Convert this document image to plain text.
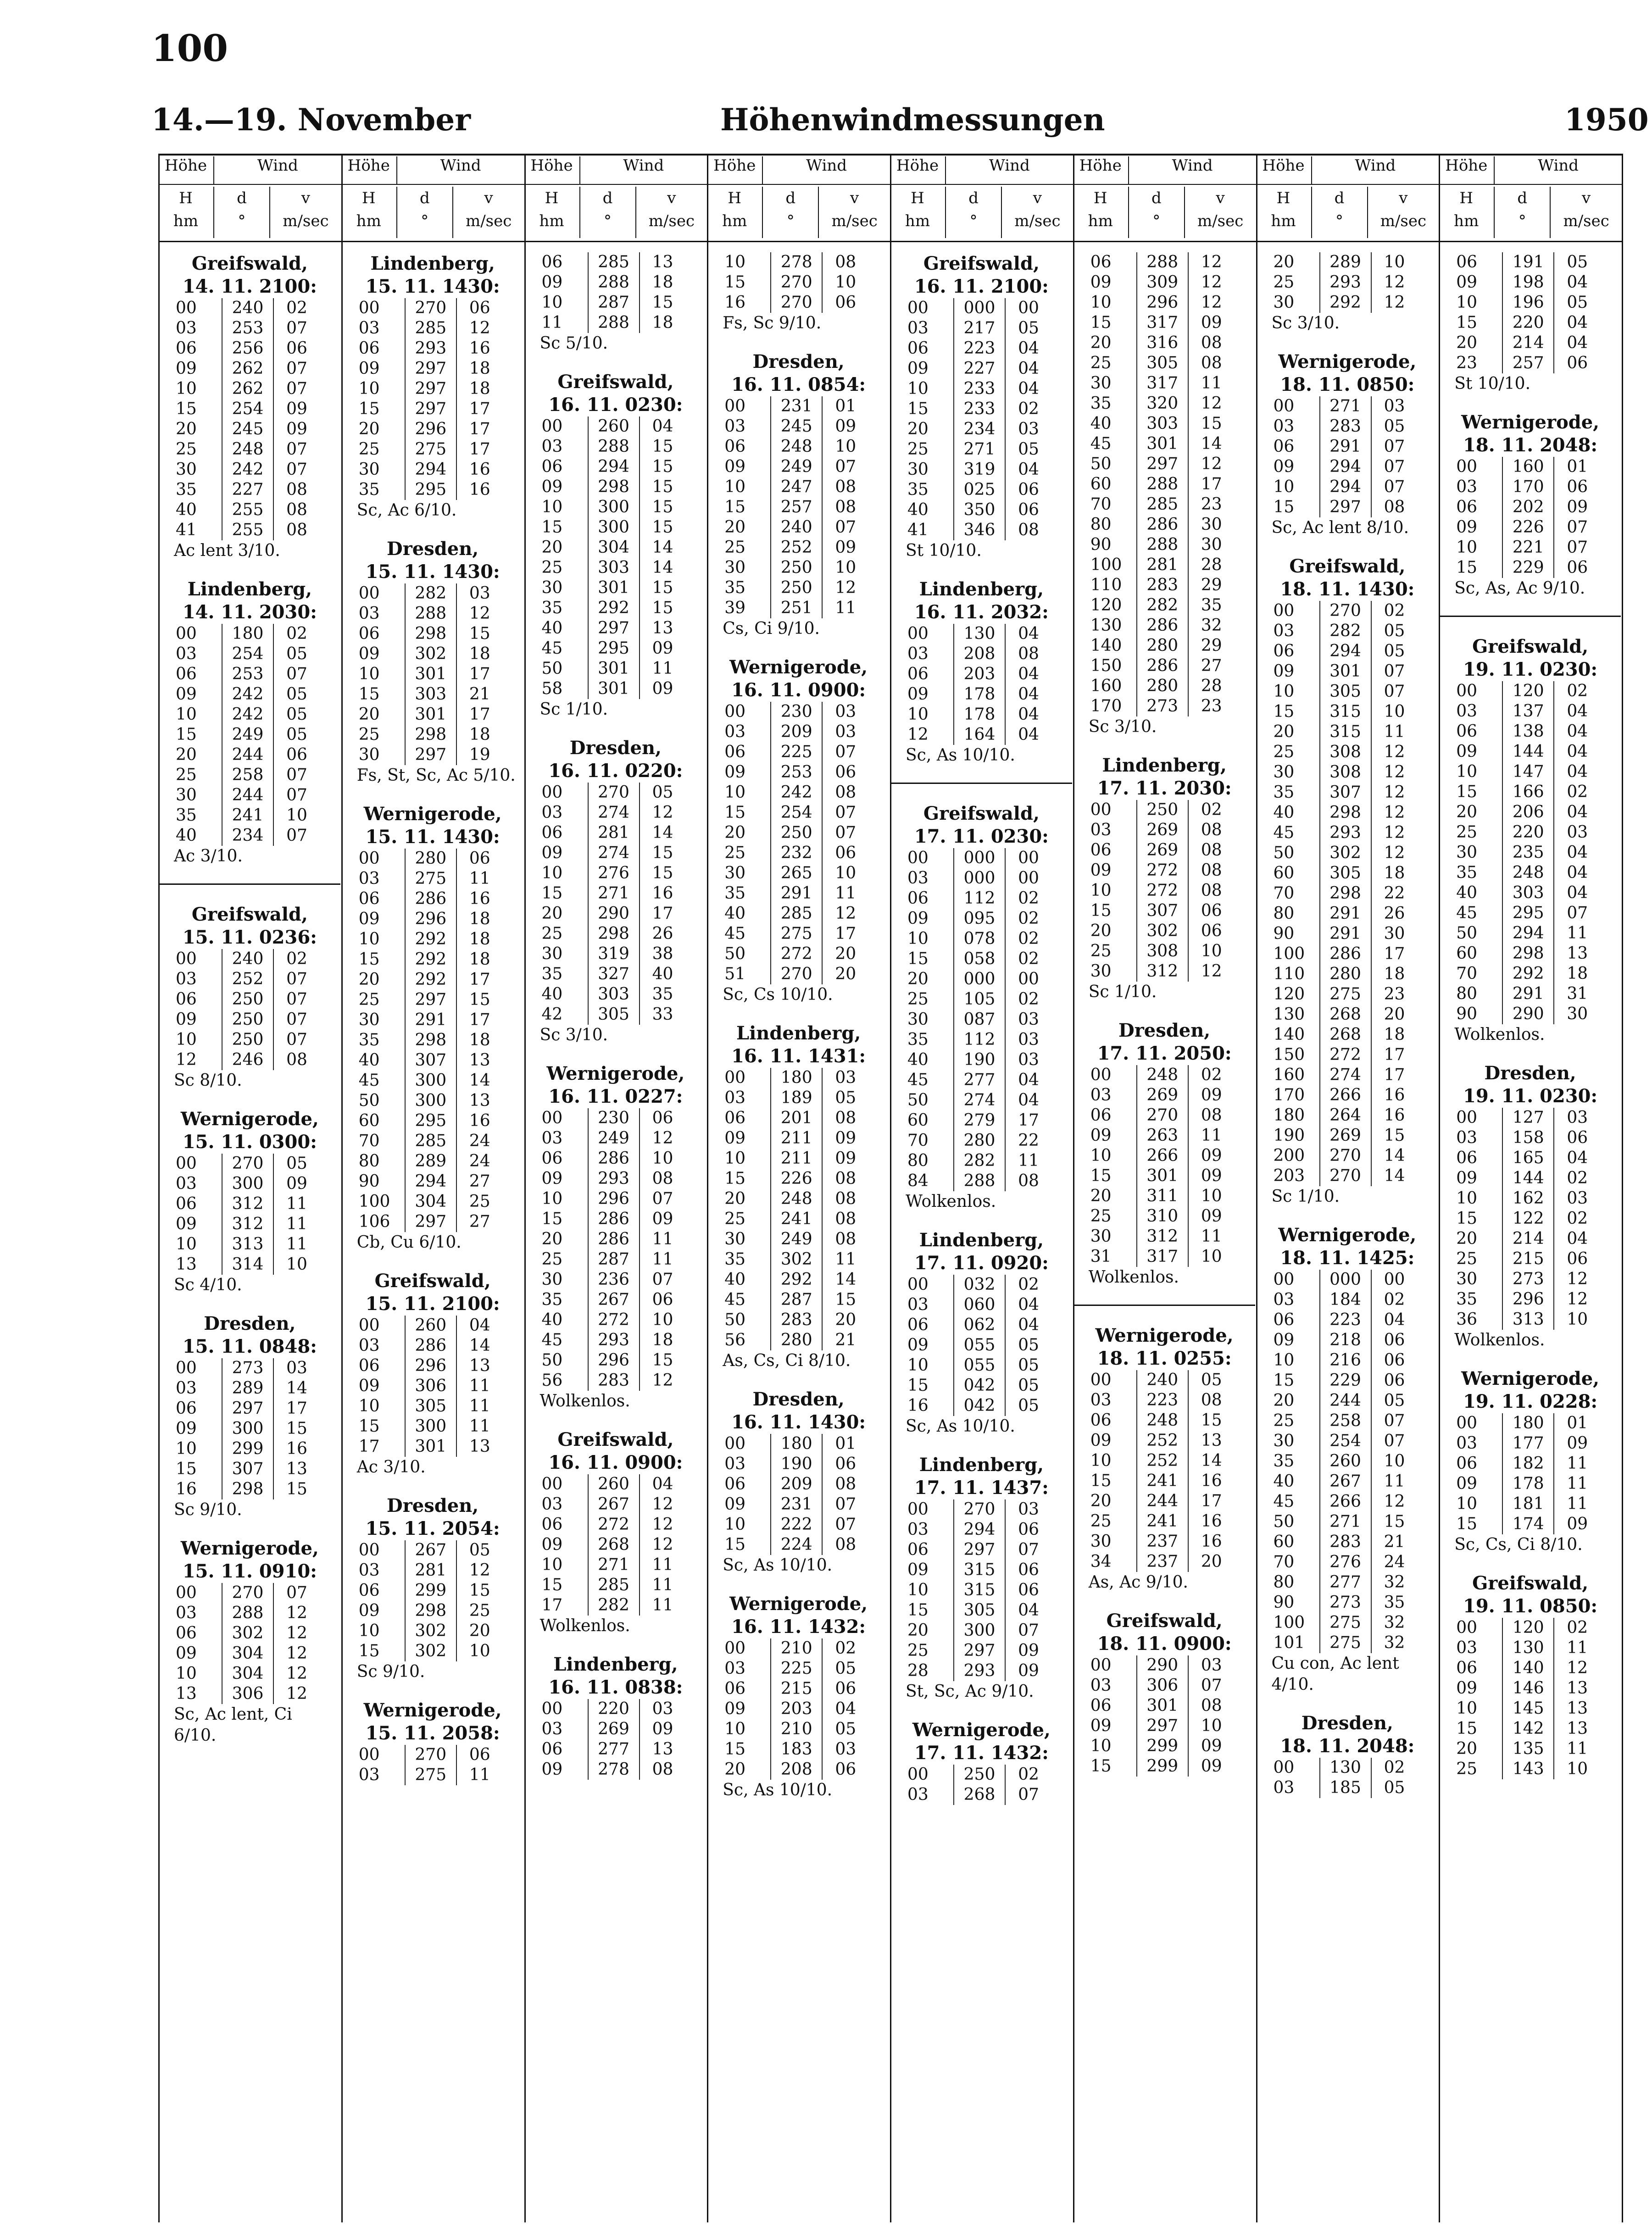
100
14.—19. November	Höhenwindmessungen	1950
Höhe	Wind
H
hm
d
°
v
m/sec
Greifswald,
14. 11. 2100:
00	240	02
03	253	07
06	256	06
09	262	07
10	262	07
15	254	09
20	245	09
25	248	07
30	242	07
35	227	08
40	255	08
41	255	08
Ac lent 3/10.
Lindenberg,
14. 11. 2030:
00	180	02
03	254	05
06	253	07
09	242	05
10	242	05
15	249	05
20	244	06
25	258	07
30	244	07
35	241	10
40	234	07
Ac 3/10.
Greifswald,
15. 11. 0236:
00	240	02
03	252	07
06	250	07
09	250	07
10	250	07
12	246	08
Sc 8/10.
Wernigerode,
15. 11. 0300:
00	270	05
03	300	09
06	312	11
09	312	11
10	313	11
13	314	10
Sc 4/10.
Dresden,
15. 11. 0848:
00	273	03
03	289	14
06	297	17
09	300	15
10	299	16
15	307	13
16	298	15
Sc 9/10.
Wernigerode,
15. 11. 0910:
00	270	07
03	288	12
06	302	12
09	304	12
10	304	12
13	306	12
Sc, Ac lent, Ci 6/10.
Höhe	Wind
H
hm
d
°
v
m/sec
Lindenberg,
15. 11. 1430:
00	270	06
03	285	12
06	293	16
09	297	18
10	297	18
15	297	17
20	296	17
25	275	17
30	294	16
35	295	16
Sc, Ac 6/10.
Dresden,
15. 11. 1430:
00	282	03
03	288	12
06	298	15
09	302	18
10	301	17
15	303	21
20	301	17
25	298	18
30	297	19
Fs, St, Sc, Ac 5/10.
Wernigerode,
15. 11. 1430:
00	280	06
03	275	11
06	286	16
09	296	18
10	292	18
15	292	18
20	292	17
25	297	15
30	291	17
35	298	18
40	307	13
45	300	14
50	300	13
60	295	16
70	285	24
80	289	24
90	294	27
100	304	25
106	297	27
Cb, Cu 6/10.
Greifswald,
15. 11. 2100:
00	260	04
03	286	14
06	296	13
09	306	11
10	305	11
15	300	11
17	301	13
Ac 3/10.
Dresden,
15. 11. 2054:
00	267	05
03	281	12
06	299	15
09	298	25
10	302	20
15	302	10
Sc 9/10.
Wernigerode,
15. 11. 2058:
00	270	06
03	275	11
Höhe	Wind
H
hm
d
°
v
m/sec
06	285	13
09	288	18
10	287	15
11	288	18
Sc 5/10.
Greifswald,
16. 11. 0230:
00	260	04
03	288	15
06	294	15
09	298	15
10	300	15
15	300	15
20	304	14
25	303	14
30	301	15
35	292	15
40	297	13
45	295	09
50	301	11
58	301	09
Sc 1/10.
Dresden,
16. 11. 0220:
00	270	05
03	274	12
06	281	14
09	274	15
10	276	15
15	271	16
20	290	17
25	298	26
30	319	38
35	327	40
40	303	35
42	305	33
Sc 3/10.
Wernigerode,
16. 11. 0227:
00	230	06
03	249	12
06	286	10
09	293	08
10	296	07
15	286	09
20	286	11
25	287	11
30	236	07
35	267	06
40	272	10
45	293	18
50	296	15
56	283	12
Wolkenlos.
Greifswald,
16. 11. 0900:
00	260	04
03	267	12
06	272	12
09	268	12
10	271	11
15	285	11
17	282	11
Wolkenlos.
Lindenberg,
16. 11. 0838:
00	220	03
03	269	09
06	277	13
09	278	08
Höhe	Wind
H
hm
d
°
v
m/sec
10	278	08
15	270	10
16	270	06
Fs, Sc 9/10.
Dresden,
16. 11. 0854:
00	231	01
03	245	09
06	248	10
09	249	07
10	247	08
15	257	08
20	240	07
25	252	09
30	250	10
35	250	12
39	251	11
Cs, Ci 9/10.
Wernigerode,
16. 11. 0900:
00	230	03
03	209	03
06	225	07
09	253	06
10	242	08
15	254	07
20	250	07
25	232	06
30	265	10
35	291	11
40	285	12
45	275	17
50	272	20
51	270	20
Sc, Cs 10/10.
Lindenberg,
16. 11. 1431:
00	180	03
03	189	05
06	201	08
09	211	09
10	211	09
15	226	08
20	248	08
25	241	08
30	249	08
35	302	11
40	292	14
45	287	15
50	283	20
56	280	21
As, Cs, Ci 8/10.
Dresden,
16. 11. 1430:
00	180	01
03	190	06
06	209	08
09	231	07
10	222	07
15	224	08
Sc, As 10/10.
Wernigerode,
16. 11. 1432:
00	210	02
03	225	05
06	215	06
09	203	04
10	210	05
15	183	03
20	208	06
Sc, As 10/10.
Höhe	Wind
H
hm
d
°
v
m/sec
Greifswald,
16. 11. 2100:
00	000	00
03	217	05
06	223	04
09	227	04
10	233	04
15	233	02
20	234	03
25	271	05
30	319	04
35	025	06
40	350	06
41	346	08
St 10/10.
Lindenberg,
16. 11. 2032:
00	130	04
03	208	08
06	203	04
09	178	04
10	178	04
12	164	04
Sc, As 10/10.
Greifswald,
17. 11. 0230:
00	000	00
03	000	00
06	112	02
09	095	02
10	078	02
15	058	02
20	000	00
25	105	02
30	087	03
35	112	03
40	190	03
45	277	04
50	274	04
60	279	17
70	280	22
80	282	11
84	288	08
Wolkenlos.
Lindenberg,
17. 11. 0920:
00	032	02
03	060	04
06	062	04
09	055	05
10	055	05
15	042	05
16	042	05
Sc, As 10/10.
Lindenberg,
17. 11. 1437:
00	270	03
03	294	06
06	297	07
09	315	06
10	315	06
15	305	04
20	300	07
25	297	09
28	293	09
St, Sc, Ac 9/10.
Wernigerode,
17. 11. 1432:
00	250	02
03	268	07
Höhe	Wind
H
hm
d
°
v
m/sec
06	288	12
09	309	12
10	296	12
15	317	09
20	316	08
25	305	08
30	317	11
35	320	12
40	303	15
45	301	14
50	297	12
60	288	17
70	285	23
80	286	30
90	288	30
100	281	28
110	283	29
120	282	35
130	286	32
140	280	29
150	286	27
160	280	28
170	273	23
Sc 3/10.
Lindenberg,
17. 11. 2030:
00	250	02
03	269	08
06	269	08
09	272	08
10	272	08
15	307	06
20	302	06
25	308	10
30	312	12
Sc 1/10.
Dresden,
17. 11. 2050:
00	248	02
03	269	09
06	270	08
09	263	11
10	266	09
15	301	09
20	311	10
25	310	09
30	312	11
31	317	10
Wolkenlos.
Wernigerode,
18. 11. 0255:
00	240	05
03	223	08
06	248	15
09	252	13
10	252	14
15	241	16
20	244	17
25	241	16
30	237	16
34	237	20
As, Ac 9/10.
Greifswald,
18. 11. 0900:
00	290	03
03	306	07
06	301	08
09	297	10
10	299	09
15	299	09
Höhe	Wind
H
hm
d
°
v
m/sec
20	289	10
25	293	12
30	292	12
Sc 3/10.
Wernigerode,
18. 11. 0850:
00	271	03
03	283	05
06	291	07
09	294	07
10	294	07
15	297	08
Sc, Ac lent 8/10.
Greifswald,
18. 11. 1430:
00	270	02
03	282	05
06	294	05
09	301	07
10	305	07
15	315	10
20	315	11
25	308	12
30	308	12
35	307	12
40	298	12
45	293	12
50	302	12
60	305	18
70	298	22
80	291	26
90	291	30
100	286	17
110	280	18
120	275	23
130	268	20
140	268	18
150	272	17
160	274	17
170	266	16
180	264	16
190	269	15
200	270	14
203	270	14
Sc 1/10.
Wernigerode,
18. 11. 1425:
00	000	00
03	184	02
06	223	04
09	218	06
10	216	06
15	229	06
20	244	05
25	258	07
30	254	07
35	260	10
40	267	11
45	266	12
50	271	15
60	283	21
70	276	24
80	277	32
90	273	35
100	275	32
101	275	32
Cu con, Ac lent 4/10.
Dresden,
18. 11. 2048:
00	130	02
03	185	05
Höhe	Wind
H
hm
d
°
v
m/sec
06	191	05
09	198	04
10	196	05
15	220	04
20	214	04
23	257	06
St 10/10.
Wernigerode,
18. 11. 2048:
00	160	01
03	170	06
06	202	09
09	226	07
10	221	07
15	229	06
Sc, As, Ac 9/10.
Greifswald,
19. 11. 0230:
00	120	02
03	137	04
06	138	04
09	144	04
10	147	04
15	166	02
20	206	04
25	220	03
30	235	04
35	248	04
40	303	04
45	295	07
50	294	11
60	298	13
70	292	18
80	291	31
90	290	30
Wolkenlos.
Dresden,
19. 11. 0230:
00	127	03
03	158	06
06	165	04
09	144	02
10	162	03
15	122	02
20	214	04
25	215	06
30	273	12
35	296	12
36	313	10
Wolkenlos.
Wernigerode,
19. 11. 0228:
00	180	01
03	177	09
06	182	11
09	178	11
10	181	11
15	174	09
Sc, Cs, Ci 8/10.
Greifswald,
19. 11. 0850:
00	120	02
03	130	11
06	140	12
09	146	13
10	145	13
15	142	13
20	135	11
25	143	10
